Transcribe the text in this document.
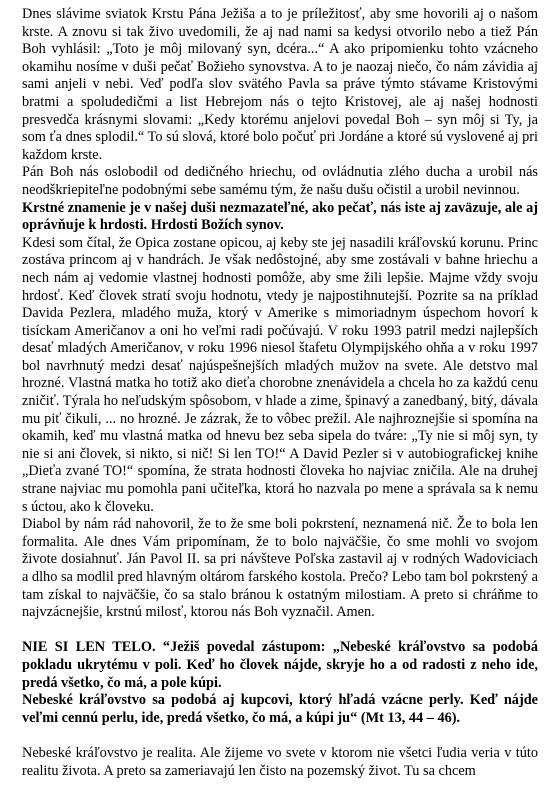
Dnes slávime sviatok Krstu Pána Ježiša a to je príležitosť, aby sme hovorili aj o našom krste. A znovu si tak živo uvedomili, že aj nad nami sa kedysi otvorilo nebo a tiež Pán Boh vyhlásil: „Toto je môj milovaný syn, dcéra...“ A ako pripomienku tohto vzácneho okamihu nosíme v duši pečať Božieho synovstva. A to je naozaj niečo, čo nám závidia aj sami anjeli v nebi. Veď podľa slov svätého Pavla sa práve týmto stávame Kristovými bratmi a spoludedičmi a list Hebrejom nás o tejto Kristovej, ale aj našej hodnosti presvedča krásnymi slovami: „Kedy ktorému anjelovi povedal Boh – syn môj si Ty, ja som ťa dnes splodil.“ To sú slová, ktoré bolo počuť pri Jordáne a ktoré sú vyslovené aj pri každom krste.

Pán Boh nás oslobodil od dedičného hriechu, od ovládnutia zlého ducha a urobil nás neodškriepiteľne podobnými sebe samému tým, že našu dušu očistil a urobil nevinnou.

Krstné znamenie je v našej duši nezmazateľné, ako pečať, nás iste aj zaväzuje, ale aj oprávňuje k hrdosti. Hrdosti Božích synov.

Kdesi som čítal, že Opica zostane opicou, aj keby ste jej nasadili kráľovskú korunu. Princ zostáva princom aj v handrách. Je však nedôstojné, aby sme zostávali v bahne hriechu a nech nám aj vedomie vlastnej hodnosti pomôže, aby sme žili lepšie. Majme vždy svoju hrdosť. Keď človek stratí svoju hodnotu, vtedy je najpostihnutejší. Pozrite sa na príklad Davida Pezlera, mladého muža, ktorý v Amerike s mimoriadnym úspechom hovorí k tisíckam Američanov a oni ho veľmi radi počúvajú. V roku 1993 patril medzi najlepších desať mladých Američanov, v roku 1996 niesol štafetu Olympijského ohňa a v roku 1997 bol navrhnutý medzi desať najúspešnejších mladých mužov na svete. Ale detstvo mal hrozné. Vlastná matka ho totiž ako dieťa chorobne znenávidela a chcela ho za každú cenu zničiť. Týrala ho neľudským spôsobom, v hlade a zime, špinavý a zanedbaný, bitý, dávala mu piť čikuli, ... no hrozné. Je zázrak, že to vôbec prežil. Ale najhroznejšie si spomína na okamih, keď mu vlastná matka od hnevu bez seba sipela do tváre: „Ty nie si môj syn, ty nie si ani človek, si nikto, si nič! Si len TO!“ A David Pezler si v autobiografickej knihe „Dieťa zvané TO!“ spomína, že strata hodnosti človeka ho najviac zničila. Ale na druhej strane najviac mu pomohla pani učiteľka, ktorá ho nazvala po mene a správala sa k nemu s úctou, ako k človeku.

Diabol by nám rád nahovoril, že to že sme boli pokrstení, neznamená nič. Že to bola len formalita. Ale dnes Vám pripomínam, že to bolo najväčšie, čo sme mohli vo svojom živote dosiahnuť. Ján Pavol II. sa pri návšteve Poľska zastavil aj v rodných Wadoviciach a dlho sa modlil pred hlavným oltárom farského kostola. Prečo? Lebo tam bol pokrstený a tam získal to najväčšie, čo sa stalo bránou k ostatným milostiam. A preto si chráňme to najvzácnejšie, krstnú milosť, ktorou nás Boh vyznačil. Amen.

NIE SI LEN TELO. “Ježiš povedal zástupom: „Nebeské kráľovstvo sa podobá pokladu ukrytému v poli. Keď ho človek nájde, skryje ho a od radosti z neho ide, predá všetko, čo má, a pole kúpi.

Nebeské kráľovstvo sa podobá aj kupcovi, ktorý hľadá vzácne perly. Keď nájde veľmi cennú perlu, ide, predá všetko, čo má, a kúpi ju“ (Mt 13, 44 – 46).

Nebeské kráľovstvo je realita. Ale žijeme vo svete v ktorom nie všetci ľudia veria v túto realitu života. A preto sa zameriavajú len čisto na pozemský život. Tu sa chcem
